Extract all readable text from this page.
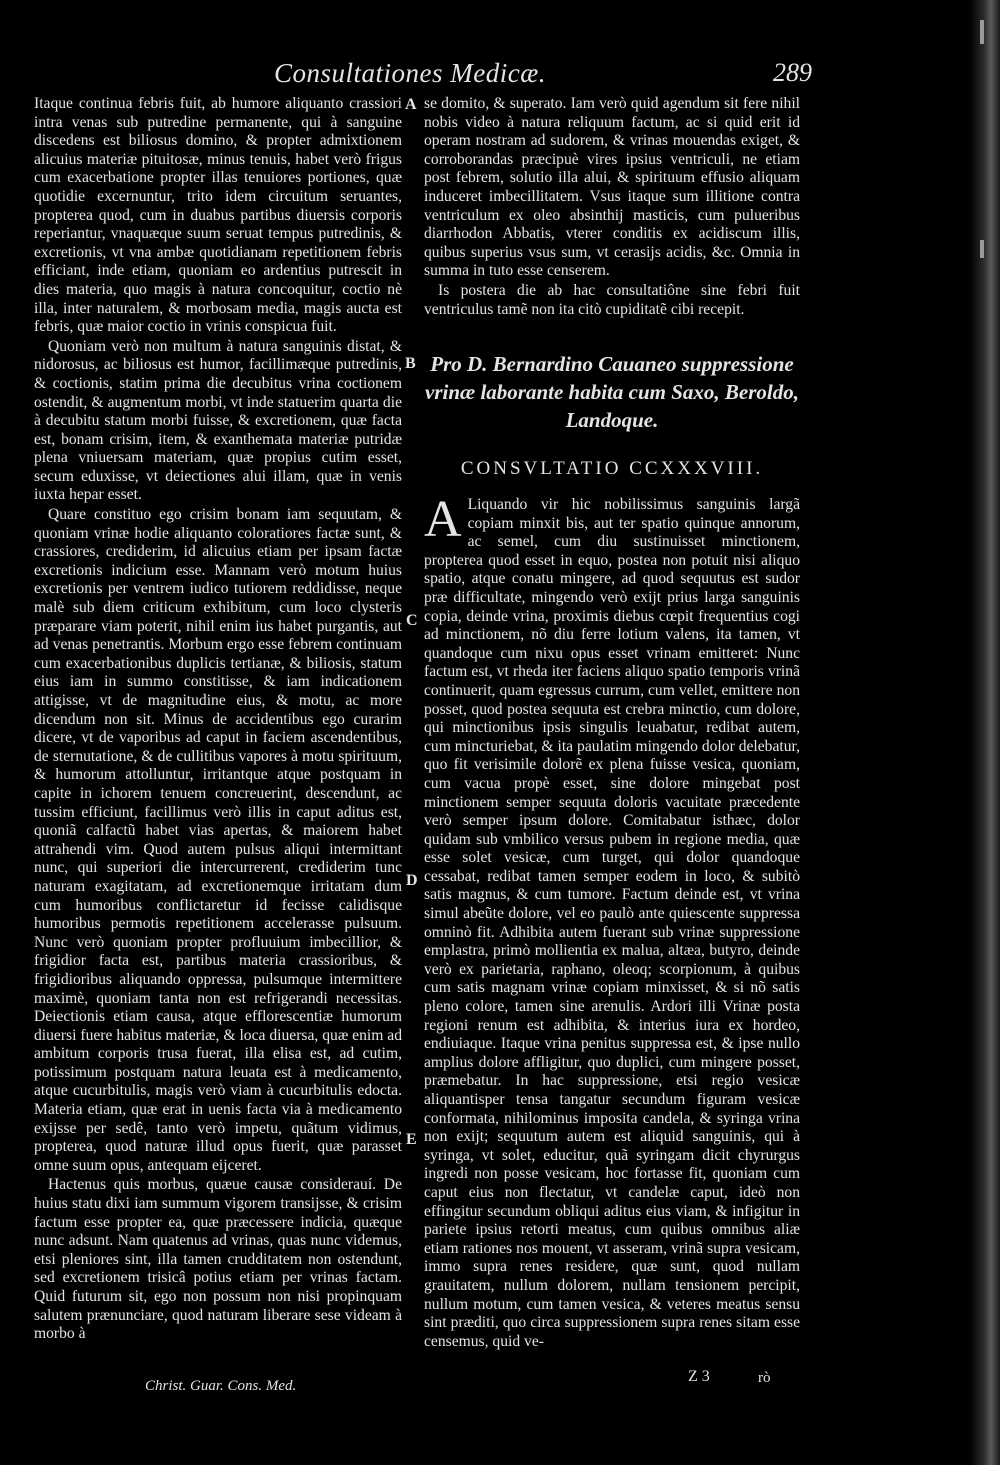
Consultationes Medicæ.	289
A
B
C
D
E

Itaque continua febris fuit, ab humore aliquanto crassiori intra venas sub putredine permanente, qui à sanguine discedens est biliosus domino, & propter admixtionem alicuius materiæ pituitosæ, minus tenuis, habet verò frigus cum exacerbatione propter illas tenuiores portiones, quæ quotidie excernuntur, trito idem circuitum seruantes, propterea quod, cum in duabus partibus diuersis corporis reperiantur, vnaquæque suum seruat tempus putredinis, & excretionis, vt vna ambæ quotidianam repetitionem febris efficiant, inde etiam, quoniam eo ardentius putrescit in dies materia, quo magis à natura concoquitur, coctio nè illa, inter naturalem, & morbosam media, magis aucta est febris, quæ maior coctio in vrinis conspicua fuit.

Quoniam verò non multum à natura sanguinis distat, & nidorosus, ac biliosus est humor, facillimæque putredinis, & coctionis, statim prima die decubitus vrina coctionem ostendit, & augmentum morbi, vt inde statuerim quarta die à decubitu statum morbi fuisse, & excretionem, quæ facta est, bonam crisim, item, & exanthemata materiæ putridæ plena vniuersam materiam, quæ propius cutim esset, secum eduxisse, vt deiectiones alui illam, quæ in venis iuxta hepar esset.

Quare constituo ego crisim bonam iam sequutam, & quoniam vrinæ hodie aliquanto coloratiores factæ sunt, & crassiores, crediderim, id alicuius etiam per ipsam factæ excretionis indicium esse. Mannam verò motum huius excretionis per ventrem iudico tutiorem reddidisse, neque malè sub diem criticum exhibitum, cum loco clysteris præparare viam poterit, nihil enim ius habet purgantis, aut ad venas penetrantis. Morbum ergo esse febrem continuam cum exacerbationibus duplicis tertianæ, & biliosis, statum eius iam in summo constitisse, & iam indicationem attigisse, vt de magnitudine eius, & motu, ac more dicendum non sit. Minus de accidentibus ego curarim dicere, vt de vaporibus ad caput in faciem ascendentibus, de sternutatione, & de cullitibus vapores à motu spirituum, & humorum attolluntur, irritantque atque postquam in capite in ichorem tenuem concreuerint, descendunt, ac tussim efficiunt, facillimus verò illis in caput aditus est, quoniã calfactũ habet vias apertas, & maiorem habet attrahendi vim. Quod autem pulsus aliqui intermittant nunc, qui superiori die intercurrerent, crediderim tunc naturam exagitatam, ad excretionemque irritatam dum cum humoribus conflictaretur id fecisse calidisque humoribus permotis repetitionem accelerasse pulsuum. Nunc verò quoniam propter profluuium imbecillior, & frigidior facta est, partibus materia crassioribus, & frigidioribus aliquando oppressa, pulsumque intermittere maximè, quoniam tanta non est refrigerandi necessitas. Deiectionis etiam causa, atque efflorescentiæ humorum diuersi fuere habitus materiæ, & loca diuersa, quæ enim ad ambitum corporis trusa fuerat, illa elisa est, ad cutim, potissimum postquam natura leuata est à medicamento, atque cucurbitulis, magis verò viam à cucurbitulis edocta. Materia etiam, quæ erat in uenis facta via à medicamento exijsse per sedê, tanto verò impetu, quãtum vidimus, propterea, quod naturæ illud opus fuerit, quæ parasset omne suum opus, antequam eijceret.

Hactenus quis morbus, quæue causæ considerauí. De huius statu dixi iam summum vigorem transijsse, & crisim factum esse propter ea, quæ præcessere indicia, quæque nunc adsunt. Nam quatenus ad vrinas, quas nunc videmus, etsi pleniores sint, illa tamen crudditatem non ostendunt, sed excretionem trisicâ potius etiam per vrinas factam. Quid futurum sit, ego non possum non nisi propinquam salutem prænunciare, quod naturam liberare sese videam à morbo à

se domito, & superato. Iam verò quid agendum sit fere nihil nobis video à natura reliquum factum, ac si quid erit id operam nostram ad sudorem, & vrinas mouendas exiget, & corroborandas præcipuè vires ipsius ventriculi, ne etiam post febrem, solutio illa alui, & spirituum effusio aliquam induceret imbecillitatem. Vsus itaque sum illitione contra ventriculum ex oleo absinthij masticis, cum pulueribus diarrhodon Abbatis, vterer conditis ex acidiscum illis, quibus superius vsus sum, vt cerasijs acidis, &c. Omnia in summa in tuto esse censerem.

Is postera die ab hac consultatiône sine febri fuit ventriculus tamẽ non ita citò cupiditatẽ cibi recepit.

Pro D. Bernardino Cauaneo suppressione vrinæ laborante habita cum Saxo, Beroldo, Landoque.
CONSVLTATIO CCXXXVIII.

A Liquando vir hic nobilissimus sanguinis largã copiam minxit bis, aut ter spatio quinque annorum, ac semel, cum diu sustinuisset minctionem, propterea quod esset in equo, postea non potuit nisi aliquo spatio, atque conatu mingere, ad quod sequutus est sudor præ difficultate, mingendo verò exijt prius larga sanguinis copia, deinde vrina, proximis diebus cœpit frequentius cogi ad minctionem, nõ diu ferre lotium valens, ita tamen, vt quandoque cum nixu opus esset vrinam emitteret: Nunc factum est, vt rheda iter faciens aliquo spatio temporis vrinã continuerit, quam egressus currum, cum vellet, emittere non posset, quod postea sequuta est crebra minctio, cum dolore, qui minctionibus ipsis singulis leuabatur, redibat autem, cum mincturiebat, & ita paulatim mingendo dolor delebatur, quo fit verisimile dolorẽ ex plena fuisse vesica, quoniam, cum vacua propè esset, sine dolore mingebat post minctionem semper sequuta doloris vacuitate præcedente verò semper ipsum dolore. Comitabatur isthæc, dolor quidam sub vmbilico versus pubem in regione media, quæ esse solet vesicæ, cum turget, qui dolor quandoque cessabat, redibat tamen semper eodem in loco, & subitò satis magnus, & cum tumore. Factum deinde est, vt vrina simul abeũte dolore, vel eo paulò ante quiescente suppressa omninò fit. Adhibita autem fuerant sub vrinæ suppressione emplastra, primò mollientia ex malua, altæa, butyro, deinde verò ex parietaria, raphano, oleoq; scorpionum, à quibus cum satis magnam vrinæ copiam minxisset, & si nõ satis pleno colore, tamen sine arenulis. Ardori illi Vrinæ posta regioni renum est adhibita, & interius iura ex hordeo, endiuiaque. Itaque vrina penitus suppressa est, & ipse nullo amplius dolore affligitur, quo duplici, cum mingere posset, præmebatur. In hac suppressione, etsi regio vesicæ aliquantisper tensa tangatur secundum figuram vesicæ conformata, nihilominus imposita candela, & syringa vrina non exijt; sequutum autem est aliquid sanguinis, qui à syringa, vt solet, educitur, quã syringam dicit chyrurgus ingredi non posse vesicam, hoc fortasse fit, quoniam cum caput eius non flectatur, vt candelæ caput, ideò non effingitur secundum obliqui aditus eius viam, & infigitur in pariete ipsius retorti meatus, cum quibus omnibus aliæ etiam rationes nos mouent, vt asseram, vrinã supra vesicam, immo supra renes residere, quæ sunt, quod nullam grauitatem, nullum dolorem, nullam tensionem percipit, nullum motum, cum tamen vesica, & veteres meatus sensu sint præditi, quo circa suppressionem supra renes sitam esse censemus, quid ve-

Christ. Guar. Cons. Med.
Z 3	rò
